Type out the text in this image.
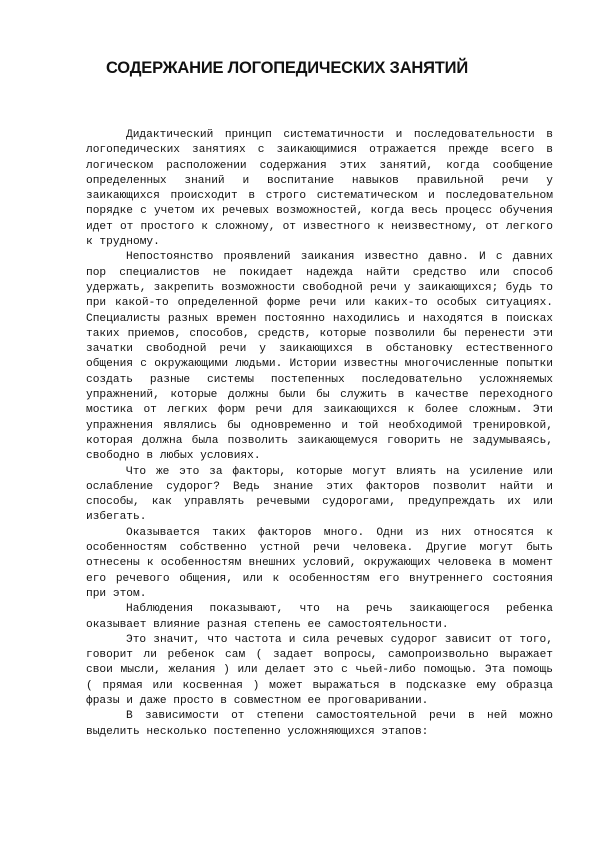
СОДЕРЖАНИЕ ЛОГОПЕДИЧЕСКИХ ЗАНЯТИЙ

Дидактический принцип систематичности и последовательности в логопедических занятиях с заикающимися отражается прежде всего в логическом расположении содержания этих занятий, когда сообщение определенных знаний и воспитание навыков правильной речи у заикающихся происходит в строго систематическом и последовательном порядке с учетом их речевых возможностей, когда весь процесс обучения идет от простого к сложному, от известного к неизвестному, от легкого к трудному.

Непостоянство проявлений заикания известно давно. И с давних пор специалистов не покидает надежда найти средство или способ удержать, закрепить возможности свободной речи у заикающихся; будь то при какой-то определенной форме речи или каких-то особых ситуациях. Специалисты разных времен постоянно находились и находятся в поисках таких приемов, способов, средств, которые позволили бы перенести эти зачатки свободной речи у заикающихся в обстановку естественного общения с окружающими людьми. Истории известны многочисленные попытки создать разные системы постепенных последовательно усложняемых упражнений, которые должны были бы служить в качестве переходного мостика от легких форм речи для заикающихся к более сложным. Эти упражнения являлись бы одновременно и той необходимой тренировкой, которая должна была позволить заикающемуся говорить не задумываясь, свободно в любых условиях.

Что же это за факторы, которые могут влиять на усиление или ослабление судорог? Ведь знание этих факторов позволит найти и способы, как управлять речевыми судорогами, предупреждать их или избегать.

Оказывается таких факторов много. Одни из них относятся к особенностям собственно устной речи человека. Другие могут быть отнесены к особенностям внешних условий, окружающих человека в момент его речевого общения, или к особенностям его внутреннего состояния при этом.

Наблюдения показывают, что на речь заикающегося ребенка оказывает влияние разная степень ее самостоятельности.

Это значит, что частота и сила речевых судорог зависит от того, говорит ли ребенок сам ( задает вопросы, самопроизвольно выражает свои мысли, желания ) или делает это с чьей-либо помощью. Эта помощь ( прямая или косвенная ) может выражаться в подсказке ему образца фразы и даже просто в совместном ее проговаривании.

В зависимости от степени самостоятельной речи в ней можно выделить несколько постепенно усложняющихся этапов:
